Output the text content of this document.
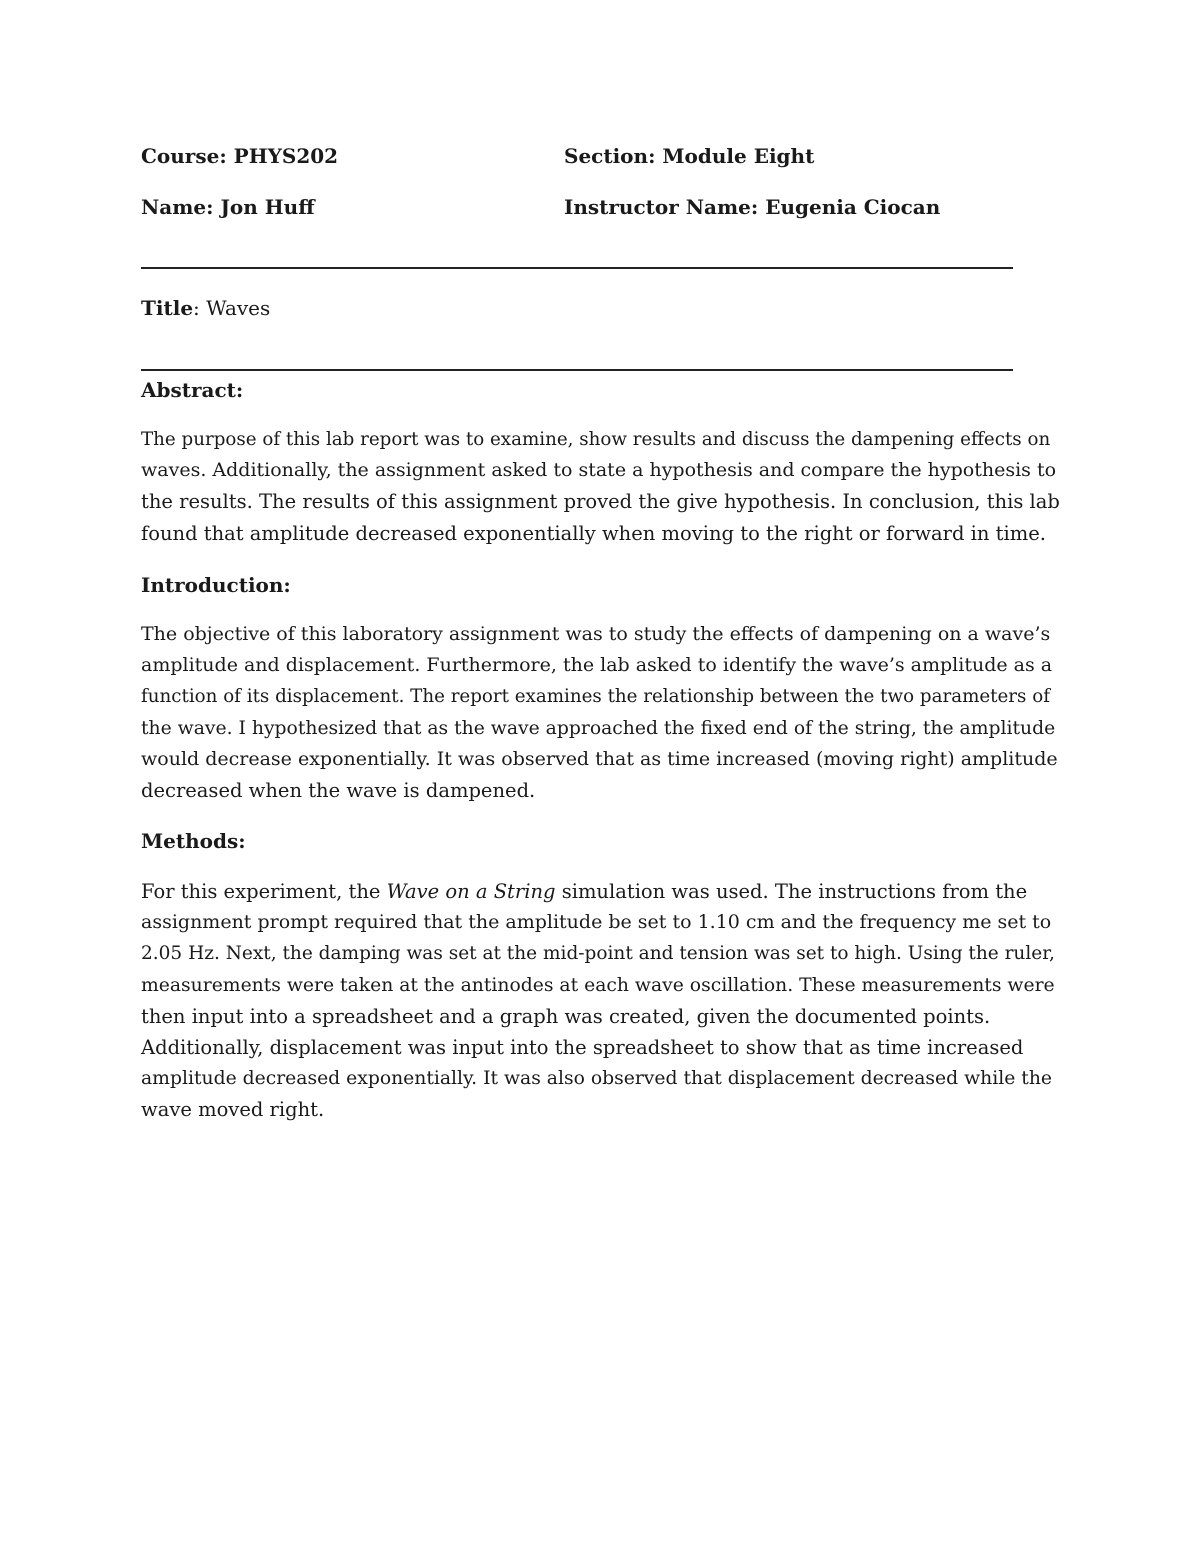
Course: PHYS202	Section: Module Eight
Name: Jon Huff	Instructor Name: Eugenia Ciocan
Title: Waves
Abstract:

The purpose of this lab report was to examine, show results and discuss the dampening effects on
waves. Additionally, the assignment asked to state a hypothesis and compare the hypothesis to
the results. The results of this assignment proved the give hypothesis. In conclusion, this lab
found that amplitude decreased exponentially when moving to the right or forward in time.

Introduction:

The objective of this laboratory assignment was to study the effects of dampening on a wave’s
amplitude and displacement. Furthermore, the lab asked to identify the wave’s amplitude as a
function of its displacement. The report examines the relationship between the two parameters of
the wave. I hypothesized that as the wave approached the fixed end of the string, the amplitude
would decrease exponentially. It was observed that as time increased (moving right) amplitude
decreased when the wave is dampened.

Methods:

For this experiment, the Wave on a String simulation was used. The instructions from the
assignment prompt required that the amplitude be set to 1.10 cm and the frequency me set to
2.05 Hz. Next, the damping was set at the mid-point and tension was set to high. Using the ruler,
measurements were taken at the antinodes at each wave oscillation. These measurements were
then input into a spreadsheet and a graph was created, given the documented points.
Additionally, displacement was input into the spreadsheet to show that as time increased
amplitude decreased exponentially. It was also observed that displacement decreased while the
wave moved right.
